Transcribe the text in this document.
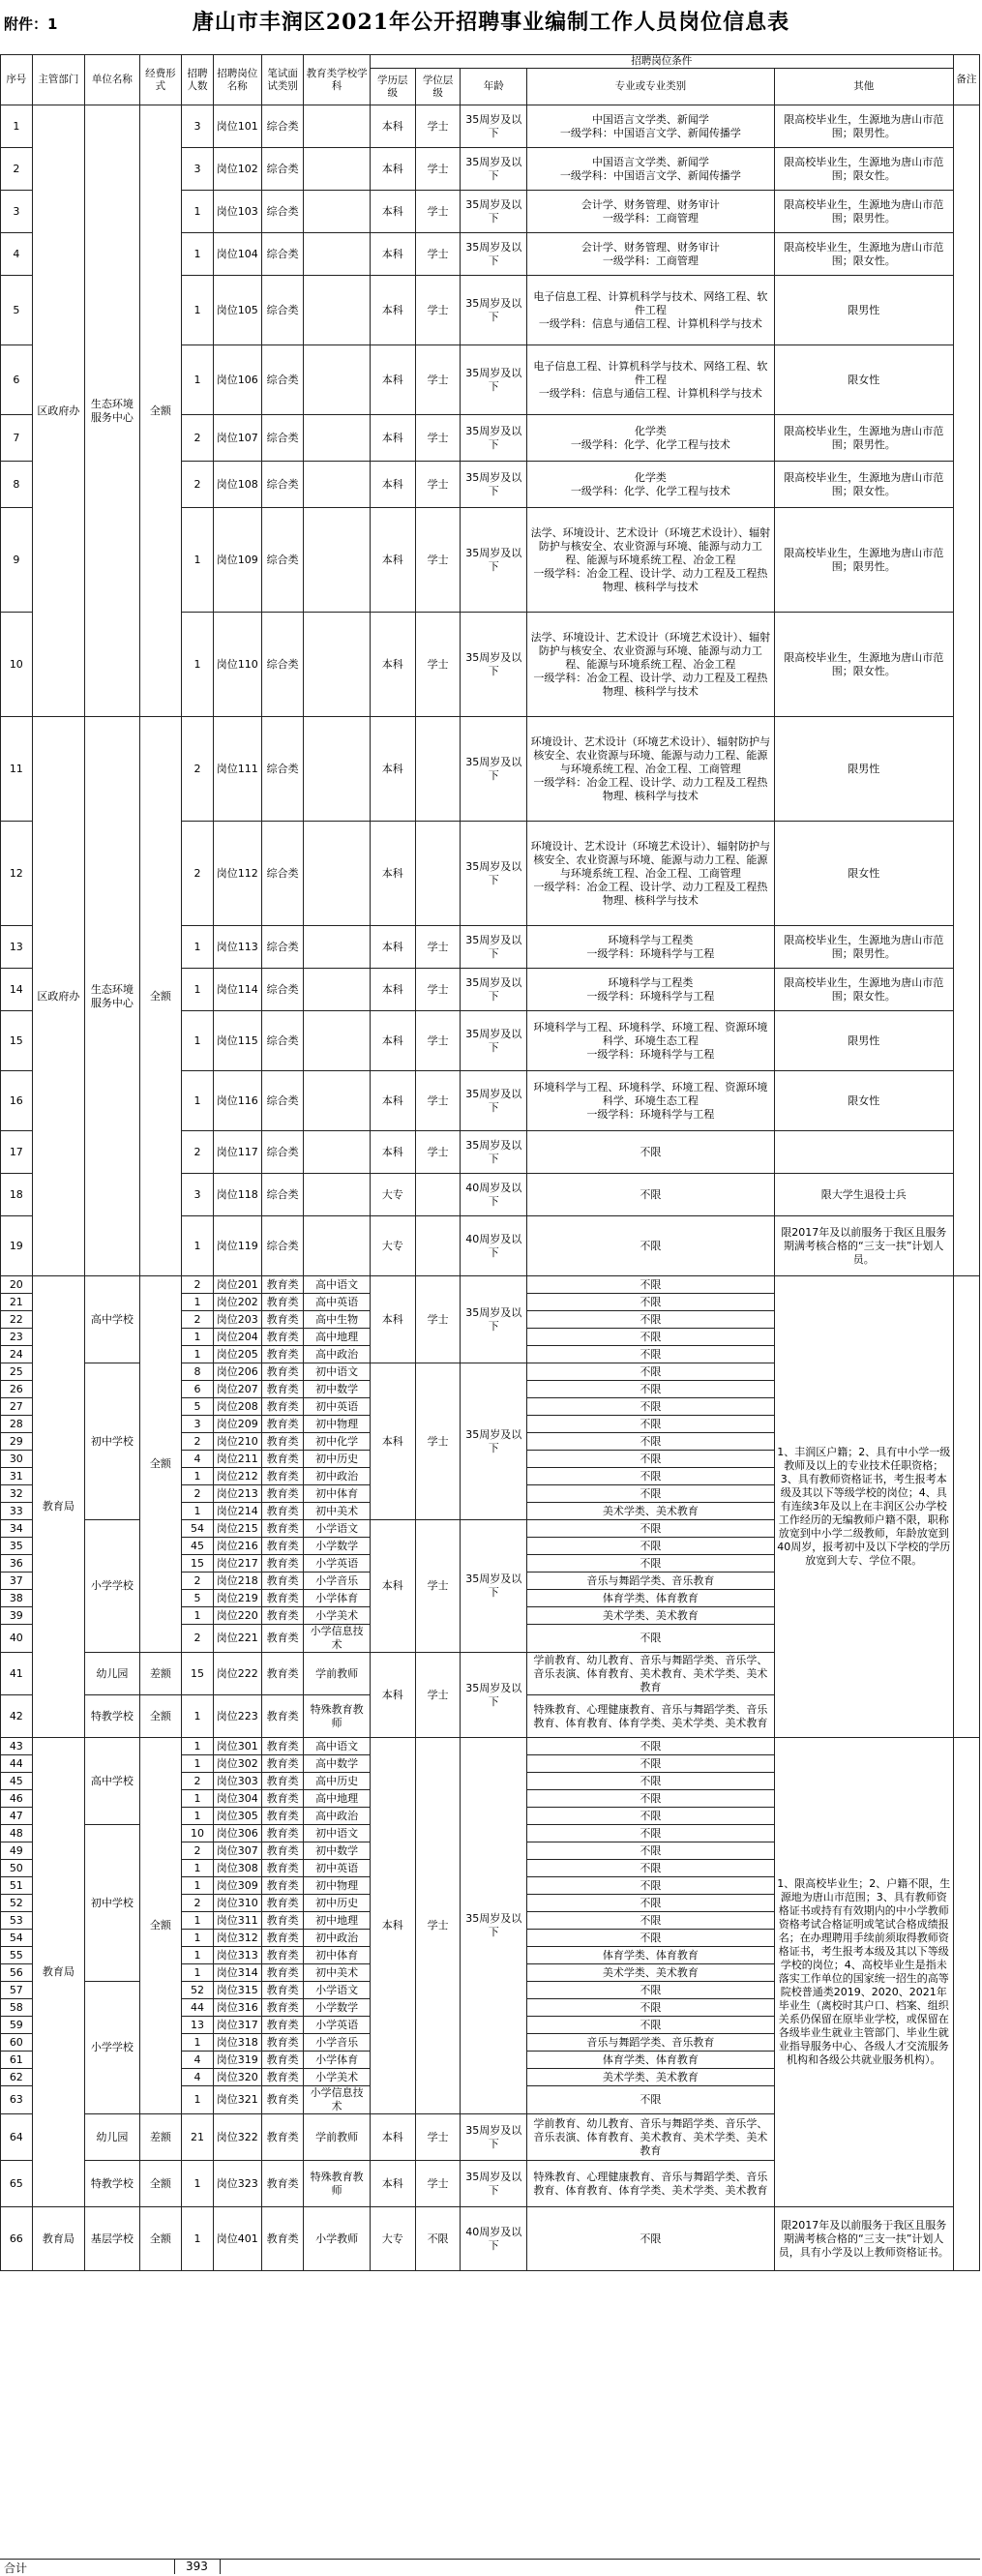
附件：1	唐山市丰润区2021年公开招聘事业编制工作人员岗位信息表
序号	主管部门	单位名称	经费形式	招聘人数	招聘岗位名称	笔试面试类别	教育类学校学科	招聘岗位条件					备注
								学历层级	学位层级	年龄	专业或专业类别	其他	
1	区政府办	生态环境服务中心	全额	3	岗位101	综合类		本科	学士	35周岁及以下	中国语言文学类、新闻学
一级学科：中国语言文学、新闻传播学	限高校毕业生，生源地为唐山市范围；限男性。	
2				3	岗位102	综合类		本科	学士	35周岁及以下	中国语言文学类、新闻学
一级学科：中国语言文学、新闻传播学	限高校毕业生，生源地为唐山市范围；限女性。	
3				1	岗位103	综合类		本科	学士	35周岁及以下	会计学、财务管理、财务审计
一级学科：工商管理	限高校毕业生，生源地为唐山市范围；限男性。	
4				1	岗位104	综合类		本科	学士	35周岁及以下	会计学、财务管理、财务审计
一级学科：工商管理	限高校毕业生，生源地为唐山市范围；限女性。	
5				1	岗位105	综合类		本科	学士	35周岁及以下	电子信息工程、计算机科学与技术、网络工程、软件工程
一级学科：信息与通信工程、计算机科学与技术	限男性	
6				1	岗位106	综合类		本科	学士	35周岁及以下	电子信息工程、计算机科学与技术、网络工程、软件工程
一级学科：信息与通信工程、计算机科学与技术	限女性	
7				2	岗位107	综合类		本科	学士	35周岁及以下	化学类
一级学科：化学、化学工程与技术	限高校毕业生，生源地为唐山市范围；限男性。	
8				2	岗位108	综合类		本科	学士	35周岁及以下	化学类
一级学科：化学、化学工程与技术	限高校毕业生，生源地为唐山市范围；限女性。	
9				1	岗位109	综合类		本科	学士	35周岁及以下	法学、环境设计、艺术设计（环境艺术设计）、辐射防护与核安全、农业资源与环境、能源与动力工程、能源与环境系统工程、冶金工程
一级学科：冶金工程、设计学、动力工程及工程热物理、核科学与技术	限高校毕业生，生源地为唐山市范围；限男性。	
10				1	岗位110	综合类		本科	学士	35周岁及以下	法学、环境设计、艺术设计（环境艺术设计）、辐射防护与核安全、农业资源与环境、能源与动力工程、能源与环境系统工程、冶金工程
一级学科：冶金工程、设计学、动力工程及工程热物理、核科学与技术	限高校毕业生，生源地为唐山市范围；限女性。	
11	区政府办	生态环境服务中心	全额	2	岗位111	综合类		本科		35周岁及以下	环境设计、艺术设计（环境艺术设计）、辐射防护与核安全、农业资源与环境、能源与动力工程、能源与环境系统工程、冶金工程、工商管理
一级学科：冶金工程、设计学、动力工程及工程热物理、核科学与技术	限男性	
12				2	岗位112	综合类		本科		35周岁及以下	环境设计、艺术设计（环境艺术设计）、辐射防护与核安全、农业资源与环境、能源与动力工程、能源与环境系统工程、冶金工程、工商管理
一级学科：冶金工程、设计学、动力工程及工程热物理、核科学与技术	限女性	
13				1	岗位113	综合类		本科	学士	35周岁及以下	环境科学与工程类
一级学科：环境科学与工程	限高校毕业生，生源地为唐山市范围；限男性。	
14				1	岗位114	综合类		本科	学士	35周岁及以下	环境科学与工程类
一级学科：环境科学与工程	限高校毕业生，生源地为唐山市范围；限女性。	
15				1	岗位115	综合类		本科	学士	35周岁及以下	环境科学与工程、环境科学、环境工程、资源环境科学、环境生态工程
一级学科：环境科学与工程	限男性	
16				1	岗位116	综合类		本科	学士	35周岁及以下	环境科学与工程、环境科学、环境工程、资源环境科学、环境生态工程
一级学科：环境科学与工程	限女性	
17				2	岗位117	综合类		本科	学士	35周岁及以下	不限		
18				3	岗位118	综合类		大专		40周岁及以下	不限	限大学生退役士兵	
19				1	岗位119	综合类		大专		40周岁及以下	不限	限2017年及以前服务于我区且服务期满考核合格的“三支一扶”计划人员。	
20	教育局	高中学校	全额	2	岗位201	教育类	高中语文	本科	学士	35周岁及以下	不限	1、丰润区户籍；2、具有中小学一级教师及以上的专业技术任职资格；3、具有教师资格证书，考生报考本级及其以下等级学校的岗位；4、具有连续3年及以上在丰润区公办学校工作经历的无编教师户籍不限，职称放宽到中小学二级教师，年龄放宽到40周岁，报考初中及以下学校的学历放宽到大专、学位不限。	
21				1	岗位202	教育类	高中英语				不限		
22				2	岗位203	教育类	高中生物				不限		
23				1	岗位204	教育类	高中地理				不限		
24				1	岗位205	教育类	高中政治				不限		
25		初中学校		8	岗位206	教育类	初中语文	本科	学士	35周岁及以下	不限		
26				6	岗位207	教育类	初中数学				不限		
27				5	岗位208	教育类	初中英语				不限		
28				3	岗位209	教育类	初中物理				不限		
29				2	岗位210	教育类	初中化学				不限		
30				4	岗位211	教育类	初中历史				不限		
31				1	岗位212	教育类	初中政治				不限		
32				2	岗位213	教育类	初中体育				不限		
33				1	岗位214	教育类	初中美术				美术学类、美术教育		
34		小学学校		54	岗位215	教育类	小学语文	本科	学士	35周岁及以下	不限		
35				45	岗位216	教育类	小学数学				不限		
36				15	岗位217	教育类	小学英语				不限		
37				2	岗位218	教育类	小学音乐				音乐与舞蹈学类、音乐教育		
38				5	岗位219	教育类	小学体育				体育学类、体育教育		
39				1	岗位220	教育类	小学美术				美术学类、美术教育		
40				2	岗位221	教育类	小学信息技术				不限		
41		幼儿园	差额	15	岗位222	教育类	学前教师	本科	学士	35周岁及以下	学前教育、幼儿教育、音乐与舞蹈学类、音乐学、音乐表演、体育教育、美术教育、美术学类、美术教育		
42		特教学校	全额	1	岗位223	教育类	特殊教育教师				特殊教育、心理健康教育、音乐与舞蹈学类、音乐教育、体育教育、体育学类、美术学类、美术教育		
43	教育局	高中学校	全额	1	岗位301	教育类	高中语文	本科	学士	35周岁及以下	不限	1、限高校毕业生；2、户籍不限，生源地为唐山市范围；3、具有教师资格证书或持有有效期内的中小学教师资格考试合格证明或笔试合格成绩报名；在办理聘用手续前须取得教师资格证书，考生报考本级及其以下等级学校的岗位；4、高校毕业生是指未落实工作单位的国家统一招生的高等院校普通类2019、2020、2021年毕业生（离校时其户口、档案、组织关系仍保留在原毕业学校，或保留在各级毕业生就业主管部门、毕业生就业指导服务中心、各级人才交流服务机构和各级公共就业服务机构）。	
44				1	岗位302	教育类	高中数学				不限		
45				2	岗位303	教育类	高中历史				不限		
46				1	岗位304	教育类	高中地理				不限		
47				1	岗位305	教育类	高中政治				不限		
48		初中学校		10	岗位306	教育类	初中语文				不限		
49				2	岗位307	教育类	初中数学				不限		
50				1	岗位308	教育类	初中英语				不限		
51				1	岗位309	教育类	初中物理				不限		
52				2	岗位310	教育类	初中历史				不限		
53				1	岗位311	教育类	初中地理				不限		
54				1	岗位312	教育类	初中政治				不限		
55				1	岗位313	教育类	初中体育				体育学类、体育教育		
56				1	岗位314	教育类	初中美术				美术学类、美术教育		
57		小学学校		52	岗位315	教育类	小学语文				不限		
58				44	岗位316	教育类	小学数学				不限		
59				13	岗位317	教育类	小学英语				不限		
60				1	岗位318	教育类	小学音乐				音乐与舞蹈学类、音乐教育		
61				4	岗位319	教育类	小学体育				体育学类、体育教育		
62				4	岗位320	教育类	小学美术				美术学类、美术教育		
63				1	岗位321	教育类	小学信息技术				不限		
64		幼儿园	差额	21	岗位322	教育类	学前教师	本科	学士	35周岁及以下	学前教育、幼儿教育、音乐与舞蹈学类、音乐学、音乐表演、体育教育、美术教育、美术学类、美术教育		
65		特教学校	全额	1	岗位323	教育类	特殊教育教师	本科	学士	35周岁及以下	特殊教育、心理健康教育、音乐与舞蹈学类、音乐教育、体育教育、体育学类、美术学类、美术教育		
66	教育局	基层学校	全额	1	岗位401	教育类	小学教师	大专	不限	40周岁及以下	不限	限2017年及以前服务于我区且服务期满考核合格的“三支一扶”计划人员，具有小学及以上教师资格证书。	
合计	393
